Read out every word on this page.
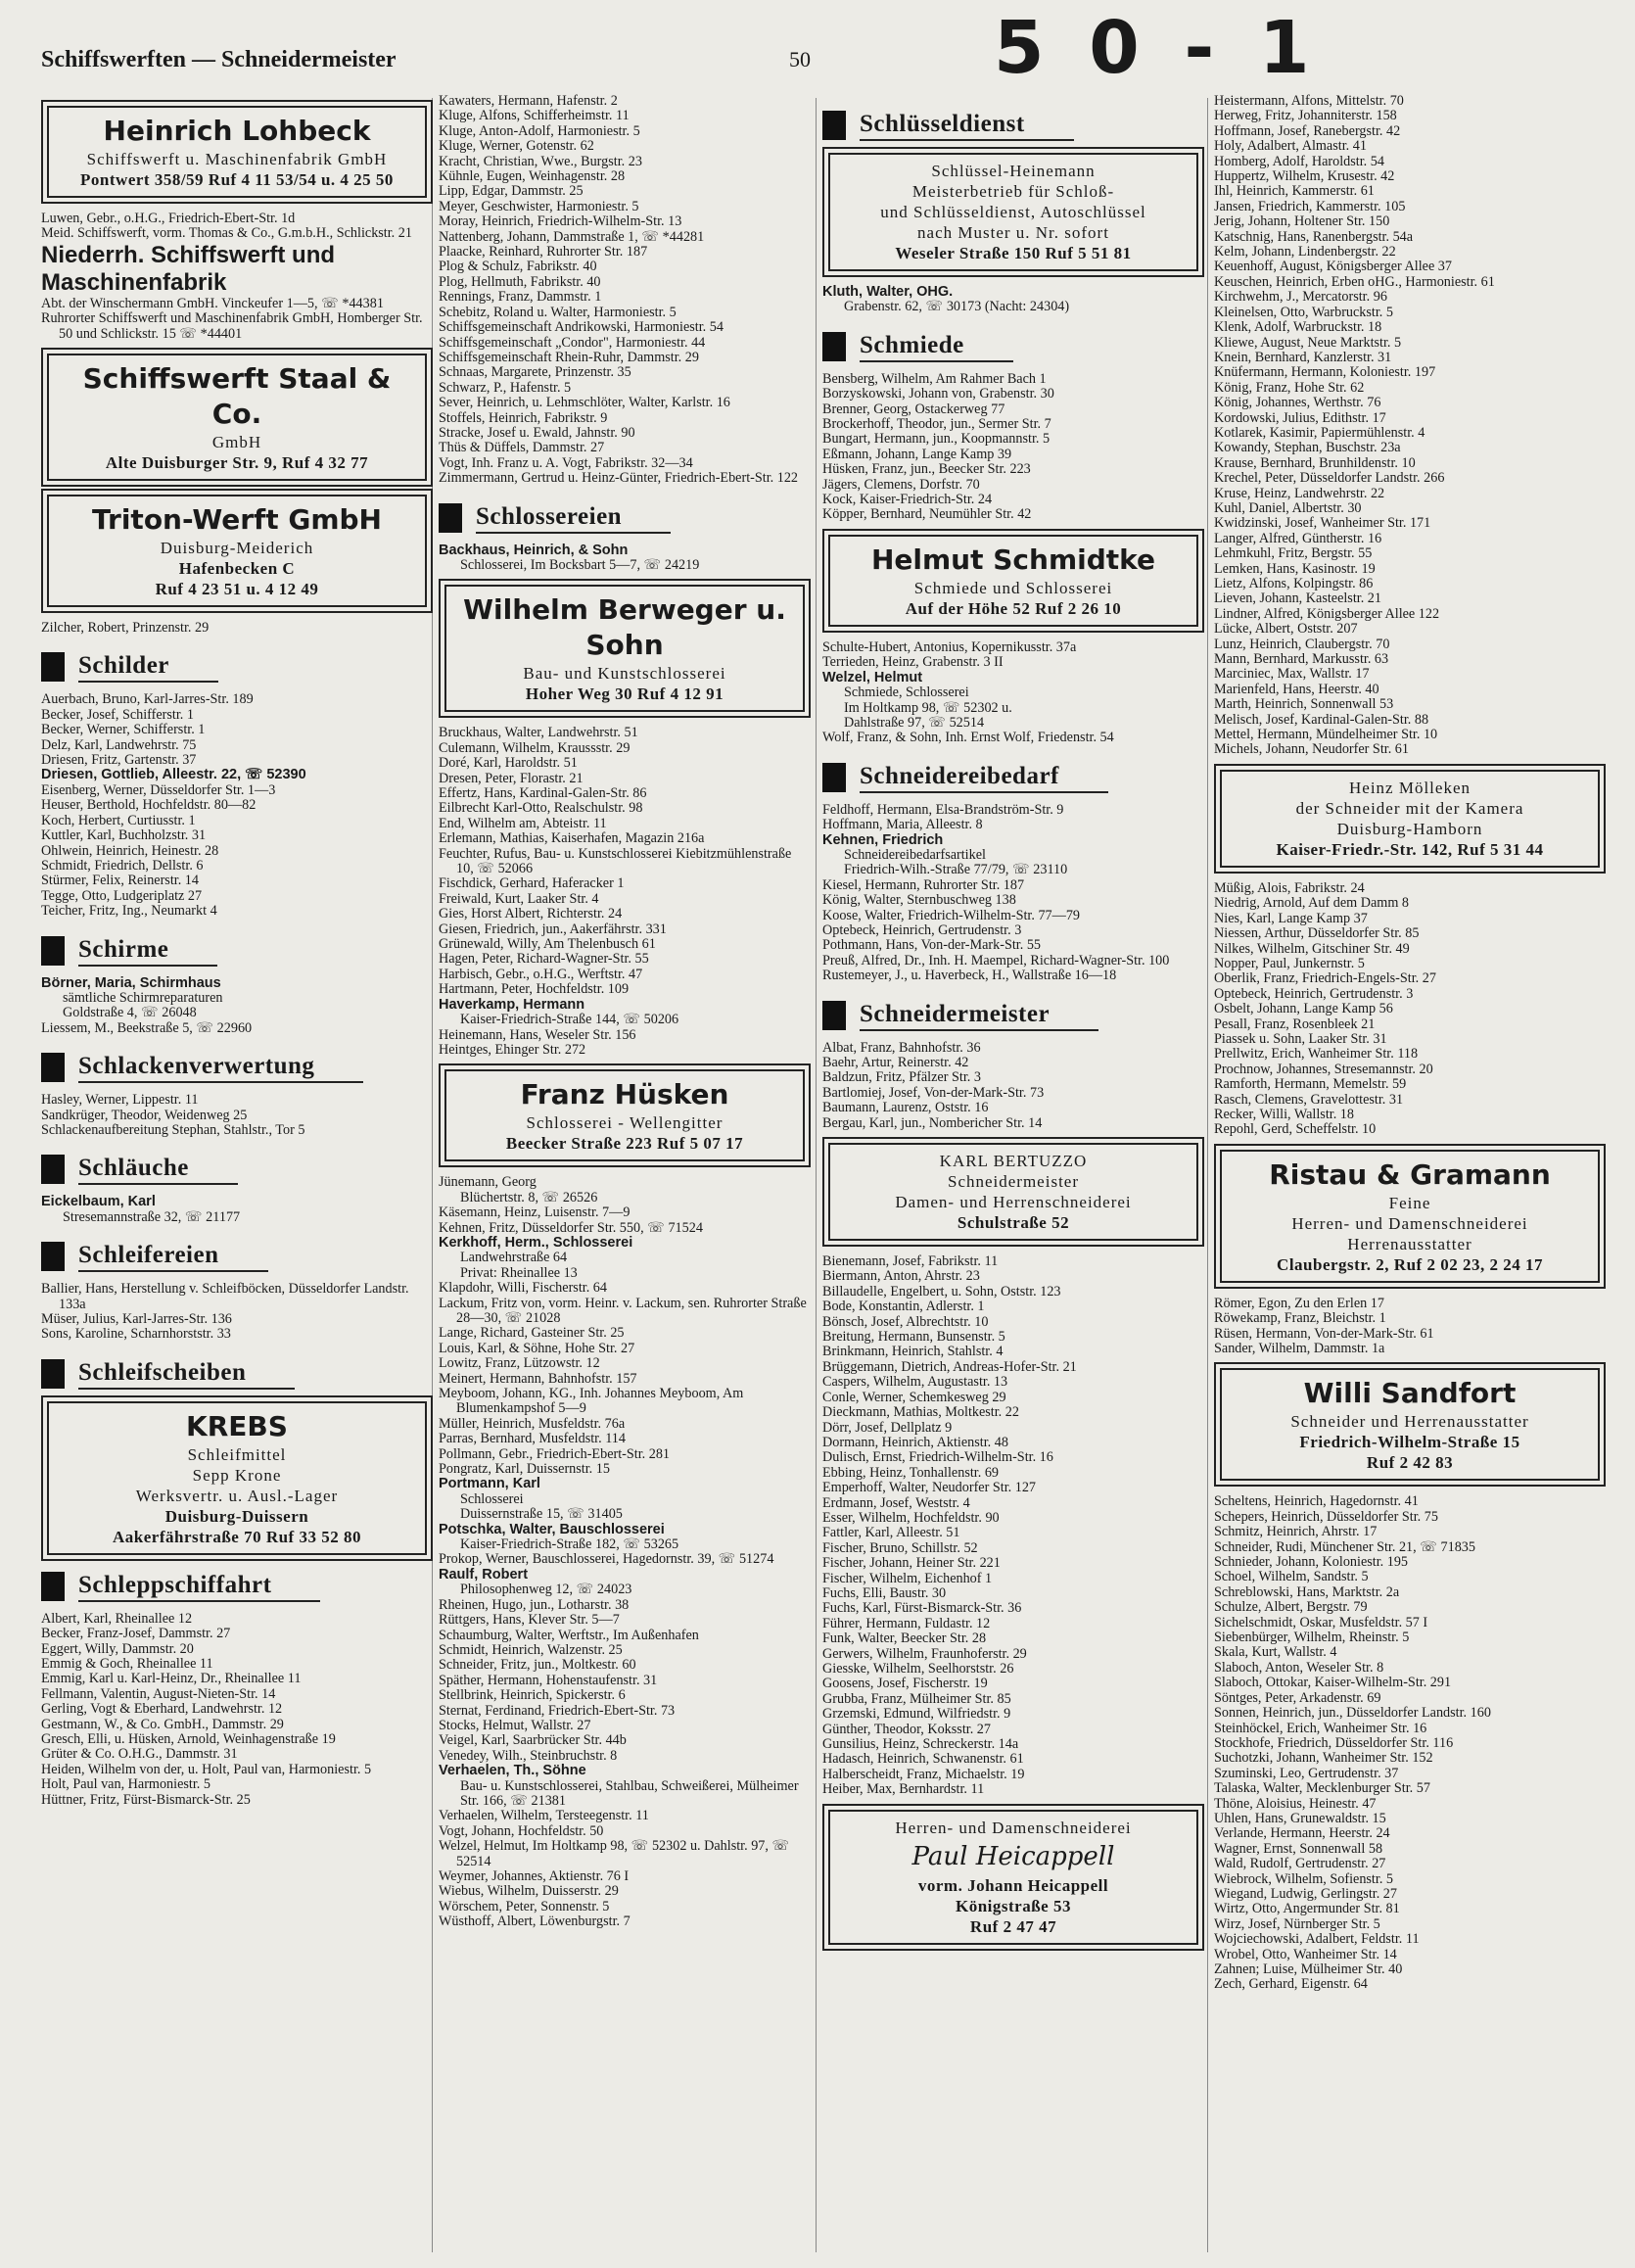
Schiffswerften — Schneidermeister	50	5 0 - 1
Heinrich Lohbeck
Schiffswerft u. Maschinenfabrik GmbH
Pontwert 358/59 Ruf 4 11 53/54 u. 4 25 50
Luwen, Gebr., o.H.G., Friedrich-Ebert-Str. 1d
Meid. Schiffswerft, vorm. Thomas & Co., G.m.b.H., Schlickstr. 21
Niederrh. Schiffswerft und Maschinenfabrik
Abt. der Winschermann GmbH. Vinckeufer 1—5, ☏ *44381
Ruhrorter Schiffswerft und Maschinenfabrik GmbH, Homberger Str. 50 und Schlickstr. 15 ☏ *44401
Schiffswerft Staal & Co.
GmbH
Alte Duisburger Str. 9, Ruf 4 32 77
Triton-Werft GmbH
Duisburg-Meiderich
Hafenbecken C
Ruf 4 23 51 u. 4 12 49
Zilcher, Robert, Prinzenstr. 29
Schilder
Auerbach, Bruno, Karl-Jarres-Str. 189
Becker, Josef, Schifferstr. 1
Becker, Werner, Schifferstr. 1
Delz, Karl, Landwehrstr. 75
Driesen, Fritz, Gartenstr. 37
Driesen, Gottlieb, Alleestr. 22, ☏ 52390
Eisenberg, Werner, Düsseldorfer Str. 1—3
Heuser, Berthold, Hochfeldstr. 80—82
Koch, Herbert, Curtiusstr. 1
Kuttler, Karl, Buchholzstr. 31
Ohlwein, Heinrich, Heinestr. 28
Schmidt, Friedrich, Dellstr. 6
Stürmer, Felix, Reinerstr. 14
Tegge, Otto, Ludgeriplatz 27
Teicher, Fritz, Ing., Neumarkt 4
Schirme
Börner, Maria, Schirmhaus
sämtliche Schirmreparaturen
Goldstraße 4, ☏ 26048
Liessem, M., Beekstraße 5, ☏ 22960
Schlackenverwertung
Hasley, Werner, Lippestr. 11
Sandkrüger, Theodor, Weidenweg 25
Schlackenaufbereitung Stephan, Stahlstr., Tor 5
Schläuche
Eickelbaum, Karl
Stresemannstraße 32, ☏ 21177
Schleifereien
Ballier, Hans, Herstellung v. Schleifböcken, Düsseldorfer Landstr. 133a
Müser, Julius, Karl-Jarres-Str. 136
Sons, Karoline, Scharnhorststr. 33
Schleifscheiben
KREBS
Schleifmittel
Sepp Krone
Werksvertr. u. Ausl.-Lager
Duisburg-Duissern
Aakerfährstraße 70 Ruf 33 52 80
Schleppschiffahrt
Albert, Karl, Rheinallee 12
Becker, Franz-Josef, Dammstr. 27
Eggert, Willy, Dammstr. 20
Emmig & Goch, Rheinallee 11
Emmig, Karl u. Karl-Heinz, Dr., Rheinallee 11
Fellmann, Valentin, August-Nieten-Str. 14
Gerling, Vogt & Eberhard, Landwehrstr. 12
Gestmann, W., & Co. GmbH., Dammstr. 29
Gresch, Elli, u. Hüsken, Arnold, Weinhagenstraße 19
Grüter & Co. O.H.G., Dammstr. 31
Heiden, Wilhelm von der, u. Holt, Paul van, Harmoniestr. 5
Holt, Paul van, Harmoniestr. 5
Hüttner, Fritz, Fürst-Bismarck-Str. 25
Kawaters, Hermann, Hafenstr. 2
Kluge, Alfons, Schifferheimstr. 11
Kluge, Anton-Adolf, Harmoniestr. 5
Kluge, Werner, Gotenstr. 62
Kracht, Christian, Wwe., Burgstr. 23
Kühnle, Eugen, Weinhagenstr. 28
Lipp, Edgar, Dammstr. 25
Meyer, Geschwister, Harmoniestr. 5
Moray, Heinrich, Friedrich-Wilhelm-Str. 13
Nattenberg, Johann, Dammstraße 1, ☏ *44281
Plaacke, Reinhard, Ruhrorter Str. 187
Plog & Schulz, Fabrikstr. 40
Plog, Hellmuth, Fabrikstr. 40
Rennings, Franz, Dammstr. 1
Schebitz, Roland u. Walter, Harmoniestr. 5
Schiffsgemeinschaft Andrikowski, Harmoniestr. 54
Schiffsgemeinschaft „Condor", Harmoniestr. 44
Schiffsgemeinschaft Rhein-Ruhr, Dammstr. 29
Schnaas, Margarete, Prinzenstr. 35
Schwarz, P., Hafenstr. 5
Sever, Heinrich, u. Lehmschlöter, Walter, Karlstr. 16
Stoffels, Heinrich, Fabrikstr. 9
Stracke, Josef u. Ewald, Jahnstr. 90
Thüs & Düffels, Dammstr. 27
Vogt, Inh. Franz u. A. Vogt, Fabrikstr. 32—34
Zimmermann, Gertrud u. Heinz-Günter, Friedrich-Ebert-Str. 122
Schlossereien
Backhaus, Heinrich, & Sohn
Schlosserei, Im Bocksbart 5—7, ☏ 24219
Wilhelm Berweger u. Sohn
Bau- und Kunstschlosserei
Hoher Weg 30 Ruf 4 12 91
Bruckhaus, Walter, Landwehrstr. 51
Culemann, Wilhelm, Kraussstr. 29
Doré, Karl, Haroldstr. 51
Dresen, Peter, Florastr. 21
Effertz, Hans, Kardinal-Galen-Str. 86
Eilbrecht Karl-Otto, Realschulstr. 98
End, Wilhelm am, Abteistr. 11
Erlemann, Mathias, Kaiserhafen, Magazin 216a
Feuchter, Rufus, Bau- u. Kunstschlosserei Kiebitzmühlenstraße 10, ☏ 52066
Fischdick, Gerhard, Haferacker 1
Freiwald, Kurt, Laaker Str. 4
Gies, Horst Albert, Richterstr. 24
Giesen, Friedrich, jun., Aakerfährstr. 331
Grünewald, Willy, Am Thelenbusch 61
Hagen, Peter, Richard-Wagner-Str. 55
Harbisch, Gebr., o.H.G., Werftstr. 47
Hartmann, Peter, Hochfeldstr. 109
Haverkamp, Hermann
Kaiser-Friedrich-Straße 144, ☏ 50206
Heinemann, Hans, Weseler Str. 156
Heintges, Ehinger Str. 272
Franz Hüsken
Schlosserei - Wellengitter
Beecker Straße 223 Ruf 5 07 17
Jünemann, Georg
Blüchertstr. 8, ☏ 26526
Käsemann, Heinz, Luisenstr. 7—9
Kehnen, Fritz, Düsseldorfer Str. 550, ☏ 71524
Kerkhoff, Herm., Schlosserei
Landwehrstraße 64
Privat: Rheinallee 13
Klapdohr, Willi, Fischerstr. 64
Lackum, Fritz von, vorm. Heinr. v. Lackum, sen. Ruhrorter Straße 28—30, ☏ 21028
Lange, Richard, Gasteiner Str. 25
Louis, Karl, & Söhne, Hohe Str. 27
Lowitz, Franz, Lützowstr. 12
Meinert, Hermann, Bahnhofstr. 157
Meyboom, Johann, KG., Inh. Johannes Meyboom, Am Blumenkampshof 5—9
Müller, Heinrich, Musfeldstr. 76a
Parras, Bernhard, Musfeldstr. 114
Pollmann, Gebr., Friedrich-Ebert-Str. 281
Pongratz, Karl, Duissernstr. 15
Portmann, Karl
Schlosserei
Duissernstraße 15, ☏ 31405
Potschka, Walter, Bauschlosserei
Kaiser-Friedrich-Straße 182, ☏ 53265
Prokop, Werner, Bauschlosserei, Hagedornstr. 39, ☏ 51274
Raulf, Robert
Philosophenweg 12, ☏ 24023
Rheinen, Hugo, jun., Lotharstr. 38
Rüttgers, Hans, Klever Str. 5—7
Schaumburg, Walter, Werftstr., Im Außenhafen
Schmidt, Heinrich, Walzenstr. 25
Schneider, Fritz, jun., Moltkestr. 60
Späther, Hermann, Hohenstaufenstr. 31
Stellbrink, Heinrich, Spickerstr. 6
Sternat, Ferdinand, Friedrich-Ebert-Str. 73
Stocks, Helmut, Wallstr. 27
Veigel, Karl, Saarbrücker Str. 44b
Venedey, Wilh., Steinbruchstr. 8
Verhaelen, Th., Söhne
Bau- u. Kunstschlosserei, Stahlbau, Schweißerei, Mülheimer Str. 166, ☏ 21381
Verhaelen, Wilhelm, Tersteegenstr. 11
Vogt, Johann, Hochfeldstr. 50
Welzel, Helmut, Im Holtkamp 98, ☏ 52302 u. Dahlstr. 97, ☏ 52514
Weymer, Johannes, Aktienstr. 76 I
Wiebus, Wilhelm, Duisserstr. 29
Wörschem, Peter, Sonnenstr. 5
Wüsthoff, Albert, Löwenburgstr. 7
Schlüsseldienst
Schlüssel-Heinemann
Meisterbetrieb für Schloß-
und Schlüsseldienst, Autoschlüssel
nach Muster u. Nr. sofort
Weseler Straße 150 Ruf 5 51 81
Kluth, Walter, OHG.
Grabenstr. 62, ☏ 30173 (Nacht: 24304)
Schmiede
Bensberg, Wilhelm, Am Rahmer Bach 1
Borzyskowski, Johann von, Grabenstr. 30
Brenner, Georg, Ostackerweg 77
Brockerhoff, Theodor, jun., Sermer Str. 7
Bungart, Hermann, jun., Koopmannstr. 5
Eßmann, Johann, Lange Kamp 39
Hüsken, Franz, jun., Beecker Str. 223
Jägers, Clemens, Dorfstr. 70
Kock, Kaiser-Friedrich-Str. 24
Köpper, Bernhard, Neumühler Str. 42
Helmut Schmidtke
Schmiede und Schlosserei
Auf der Höhe 52 Ruf 2 26 10
Schulte-Hubert, Antonius, Kopernikusstr. 37a
Terrieden, Heinz, Grabenstr. 3 II
Welzel, Helmut
Schmiede, Schlosserei
Im Holtkamp 98, ☏ 52302 u.
Dahlstraße 97, ☏ 52514
Wolf, Franz, & Sohn, Inh. Ernst Wolf, Friedenstr. 54
Schneidereibedarf
Feldhoff, Hermann, Elsa-Brandström-Str. 9
Hoffmann, Maria, Alleestr. 8
Kehnen, Friedrich
Schneidereibedarfsartikel
Friedrich-Wilh.-Straße 77/79, ☏ 23110
Kiesel, Hermann, Ruhrorter Str. 187
König, Walter, Sternbuschweg 138
Koose, Walter, Friedrich-Wilhelm-Str. 77—79
Optebeck, Heinrich, Gertrudenstr. 3
Pothmann, Hans, Von-der-Mark-Str. 55
Preuß, Alfred, Dr., Inh. H. Maempel, Richard-Wagner-Str. 100
Rustemeyer, J., u. Haverbeck, H., Wallstraße 16—18
Schneidermeister
Albat, Franz, Bahnhofstr. 36
Baehr, Artur, Reinerstr. 42
Baldzun, Fritz, Pfälzer Str. 3
Bartlomiej, Josef, Von-der-Mark-Str. 73
Baumann, Laurenz, Oststr. 16
Bergau, Karl, jun., Nombericher Str. 14
KARL BERTUZZO
Schneidermeister
Damen- und Herrenschneiderei
Schulstraße 52
Bienemann, Josef, Fabrikstr. 11
Biermann, Anton, Ahrstr. 23
Billaudelle, Engelbert, u. Sohn, Oststr. 123
Bode, Konstantin, Adlerstr. 1
Bönsch, Josef, Albrechtstr. 10
Breitung, Hermann, Bunsenstr. 5
Brinkmann, Heinrich, Stahlstr. 4
Brüggemann, Dietrich, Andreas-Hofer-Str. 21
Caspers, Wilhelm, Augustastr. 13
Conle, Werner, Schemkesweg 29
Dieckmann, Mathias, Moltkestr. 22
Dörr, Josef, Dellplatz 9
Dormann, Heinrich, Aktienstr. 48
Dulisch, Ernst, Friedrich-Wilhelm-Str. 16
Ebbing, Heinz, Tonhallenstr. 69
Emperhoff, Walter, Neudorfer Str. 127
Erdmann, Josef, Weststr. 4
Esser, Wilhelm, Hochfeldstr. 90
Fattler, Karl, Alleestr. 51
Fischer, Bruno, Schillstr. 52
Fischer, Johann, Heiner Str. 221
Fischer, Wilhelm, Eichenhof 1
Fuchs, Elli, Baustr. 30
Fuchs, Karl, Fürst-Bismarck-Str. 36
Führer, Hermann, Fuldastr. 12
Funk, Walter, Beecker Str. 28
Gerwers, Wilhelm, Fraunhoferstr. 29
Giesske, Wilhelm, Seelhorststr. 26
Goosens, Josef, Fischerstr. 19
Grubba, Franz, Mülheimer Str. 85
Grzemski, Edmund, Wilfriedstr. 9
Günther, Theodor, Koksstr. 27
Gunsilius, Heinz, Schreckerstr. 14a
Hadasch, Heinrich, Schwanenstr. 61
Halberscheidt, Franz, Michaelstr. 19
Heiber, Max, Bernhardstr. 11
Herren- und Damenschneiderei
Paul Heicappell
vorm. Johann Heicappell
Königstraße 53
Ruf 2 47 47
Heistermann, Alfons, Mittelstr. 70
Herweg, Fritz, Johanniterstr. 158
Hoffmann, Josef, Ranebergstr. 42
Holy, Adalbert, Almastr. 41
Homberg, Adolf, Haroldstr. 54
Huppertz, Wilhelm, Krusestr. 42
Ihl, Heinrich, Kammerstr. 61
Jansen, Friedrich, Kammerstr. 105
Jerig, Johann, Holtener Str. 150
Katschnig, Hans, Ranenbergstr. 54a
Kelm, Johann, Lindenbergstr. 22
Keuenhoff, August, Königsberger Allee 37
Keuschen, Heinrich, Erben oHG., Harmoniestr. 61
Kirchwehm, J., Mercatorstr. 96
Kleinelsen, Otto, Warbruckstr. 5
Klenk, Adolf, Warbruckstr. 18
Kliewe, August, Neue Marktstr. 5
Knein, Bernhard, Kanzlerstr. 31
Knüfermann, Hermann, Koloniestr. 197
König, Franz, Hohe Str. 62
König, Johannes, Werthstr. 76
Kordowski, Julius, Edithstr. 17
Kotlarek, Kasimir, Papiermühlenstr. 4
Kowandy, Stephan, Buschstr. 23a
Krause, Bernhard, Brunhildenstr. 10
Krechel, Peter, Düsseldorfer Landstr. 266
Kruse, Heinz, Landwehrstr. 22
Kuhl, Daniel, Albertstr. 30
Kwidzinski, Josef, Wanheimer Str. 171
Langer, Alfred, Güntherstr. 16
Lehmkuhl, Fritz, Bergstr. 55
Lemken, Hans, Kasinostr. 19
Lietz, Alfons, Kolpingstr. 86
Lieven, Johann, Kasteelstr. 21
Lindner, Alfred, Königsberger Allee 122
Lücke, Albert, Oststr. 207
Lunz, Heinrich, Claubergstr. 70
Mann, Bernhard, Markusstr. 63
Marciniec, Max, Wallstr. 17
Marienfeld, Hans, Heerstr. 40
Marth, Heinrich, Sonnenwall 53
Melisch, Josef, Kardinal-Galen-Str. 88
Mettel, Hermann, Mündelheimer Str. 10
Michels, Johann, Neudorfer Str. 61
Heinz Mölleken
der Schneider mit der Kamera
Duisburg-Hamborn
Kaiser-Friedr.-Str. 142, Ruf 5 31 44
Müßig, Alois, Fabrikstr. 24
Niedrig, Arnold, Auf dem Damm 8
Nies, Karl, Lange Kamp 37
Niessen, Arthur, Düsseldorfer Str. 85
Nilkes, Wilhelm, Gitschiner Str. 49
Nopper, Paul, Junkernstr. 5
Oberlik, Franz, Friedrich-Engels-Str. 27
Optebeck, Heinrich, Gertrudenstr. 3
Osbelt, Johann, Lange Kamp 56
Pesall, Franz, Rosenbleek 21
Piassek u. Sohn, Laaker Str. 31
Prellwitz, Erich, Wanheimer Str. 118
Prochnow, Johannes, Stresemannstr. 20
Ramforth, Hermann, Memelstr. 59
Rasch, Clemens, Gravelottestr. 31
Recker, Willi, Wallstr. 18
Repohl, Gerd, Scheffelstr. 10
Ristau & Gramann
Feine
Herren- und Damenschneiderei
Herrenausstatter
Claubergstr. 2, Ruf 2 02 23, 2 24 17
Römer, Egon, Zu den Erlen 17
Röwekamp, Franz, Bleichstr. 1
Rüsen, Hermann, Von-der-Mark-Str. 61
Sander, Wilhelm, Dammstr. 1a
Willi Sandfort
Schneider und Herrenausstatter
Friedrich-Wilhelm-Straße 15
Ruf 2 42 83
Scheltens, Heinrich, Hagedornstr. 41
Schepers, Heinrich, Düsseldorfer Str. 75
Schmitz, Heinrich, Ahrstr. 17
Schneider, Rudi, Münchener Str. 21, ☏ 71835
Schnieder, Johann, Koloniestr. 195
Schoel, Wilhelm, Sandstr. 5
Schreblowski, Hans, Marktstr. 2a
Schulze, Albert, Bergstr. 79
Sichelschmidt, Oskar, Musfeldstr. 57 I
Siebenbürger, Wilhelm, Rheinstr. 5
Skala, Kurt, Wallstr. 4
Slaboch, Anton, Weseler Str. 8
Slaboch, Ottokar, Kaiser-Wilhelm-Str. 291
Söntges, Peter, Arkadenstr. 69
Sonnen, Heinrich, jun., Düsseldorfer Landstr. 160
Steinhöckel, Erich, Wanheimer Str. 16
Stockhofe, Friedrich, Düsseldorfer Str. 116
Suchotzki, Johann, Wanheimer Str. 152
Szuminski, Leo, Gertrudenstr. 37
Talaska, Walter, Mecklenburger Str. 57
Thöne, Aloisius, Heinestr. 47
Uhlen, Hans, Grunewaldstr. 15
Verlande, Hermann, Heerstr. 24
Wagner, Ernst, Sonnenwall 58
Wald, Rudolf, Gertrudenstr. 27
Wiebrock, Wilhelm, Sofienstr. 5
Wiegand, Ludwig, Gerlingstr. 27
Wirtz, Otto, Angermunder Str. 81
Wirz, Josef, Nürnberger Str. 5
Wojciechowski, Adalbert, Feldstr. 11
Wrobel, Otto, Wanheimer Str. 14
Zahnen; Luise, Mülheimer Str. 40
Zech, Gerhard, Eigenstr. 64
